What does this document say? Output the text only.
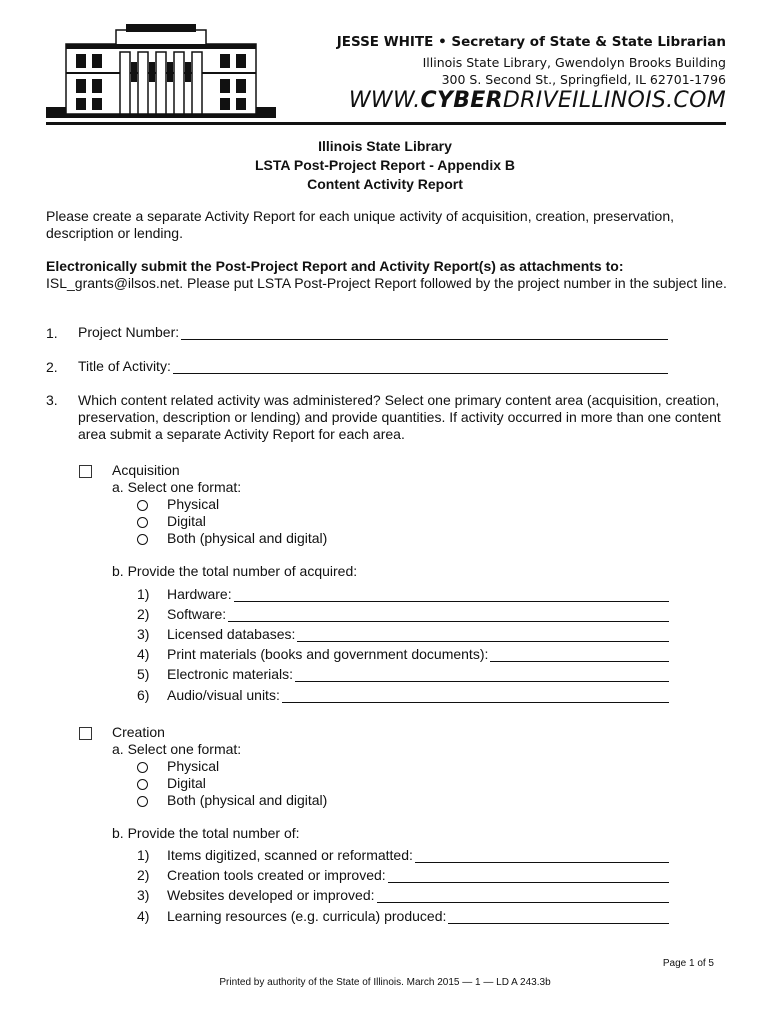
JESSE WHITE • Secretary of State & State Librarian
Illinois State Library, Gwendolyn Brooks Building
300 S. Second St., Springfield, IL 62701-1796
WWW.CYBERDRIVEILLINOIS.COM
Illinois State Library
LSTA Post-Project Report - Appendix B
Content Activity Report
Please create a separate Activity Report for each unique activity of acquisition, creation, preservation, description or lending.
Electronically submit the Post-Project Report and Activity Report(s) as attachments to:
ISL_grants@ilsos.net. Please put LSTA Post-Project Report followed by the project number in the subject line.
1. Project Number:
2. Title of Activity:
3. Which content related activity was administered? Select one primary content area (acquisition, creation, preservation, description or lending) and provide quantities. If activity occurred in more than one content area submit a separate Activity Report for each area.
Acquisition
a. Select one format:
Physical
Digital
Both (physical and digital)
b. Provide the total number of acquired:
1) Hardware:
2) Software:
3) Licensed databases:
4) Print materials (books and government documents):
5) Electronic materials:
6) Audio/visual units:
Creation
a. Select one format:
Physical
Digital
Both (physical and digital)
b. Provide the total number of:
1) Items digitized, scanned or reformatted:
2) Creation tools created or improved:
3) Websites developed or improved:
4) Learning resources (e.g. curricula) produced:
Page 1 of 5
Printed by authority of the State of Illinois. March 2015 — 1 — LD A 243.3b
